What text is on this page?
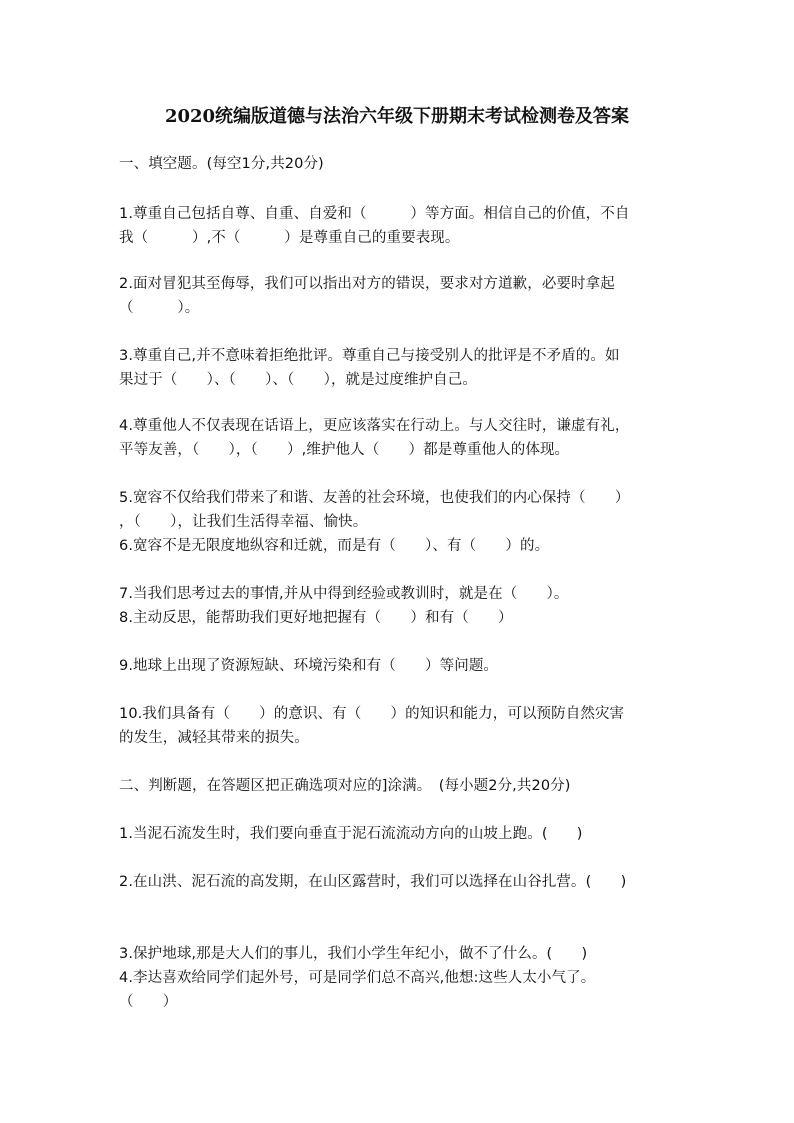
2020统编版道德与法治六年级下册期末考试检测卷及答案
一、填空题。(每空1分,共20分)
1.尊重自己包括自尊、自重、自爱和（　　　）等方面。相信自己的价值，不自
我（　　　）,不（　　　）是尊重自己的重要表现。
2.面对冒犯其至侮辱，我们可以指出对方的错误，要求对方道歉，必要时拿起
（　　　）。
3.尊重自己,并不意味着拒绝批评。尊重自己与接受别人的批评是不矛盾的。如
果过于（　　）、（　　）、（　　），就是过度维护自己。
4.尊重他人不仅表现在话语上，更应该落实在行动上。与人交往时，谦虚有礼，
平等友善，（　　），（　　）,维护他人（　　）都是尊重他人的体现。
5.宽容不仅给我们带来了和谐、友善的社会环境，也使我们的内心保持（　　）
，（　　），让我们生活得幸福、愉快。
6.宽容不是无限度地纵容和迁就，而是有（　　）、有（　　）的。
7.当我们思考过去的事情,并从中得到经验或教训时，就是在（　　）。
8.主动反思，能帮助我们更好地把握有（　　）和有（　　）
9.地球上出现了资源短缺、环境污染和有（　　）等问题。
10.我们具备有（　　）的意识、有（　　）的知识和能力，可以预防自然灾害
的发生，减轻其带来的损失。
二、判断题，在答题区把正确选项对应的]涂满。　(每小题2分,共20分)
1.当泥石流发生时，我们要向垂直于泥石流流动方向的山坡上跑。(　　)
2.在山洪、泥石流的高发期，在山区露营时，我们可以选择在山谷扎营。(　　)
3.保护地球,那是大人们的事儿，我们小学生年纪小，做不了什么。(　　)
4.李达喜欢给同学们起外号，可是同学们总不高兴,他想:这些人太小气了。
（　　）
